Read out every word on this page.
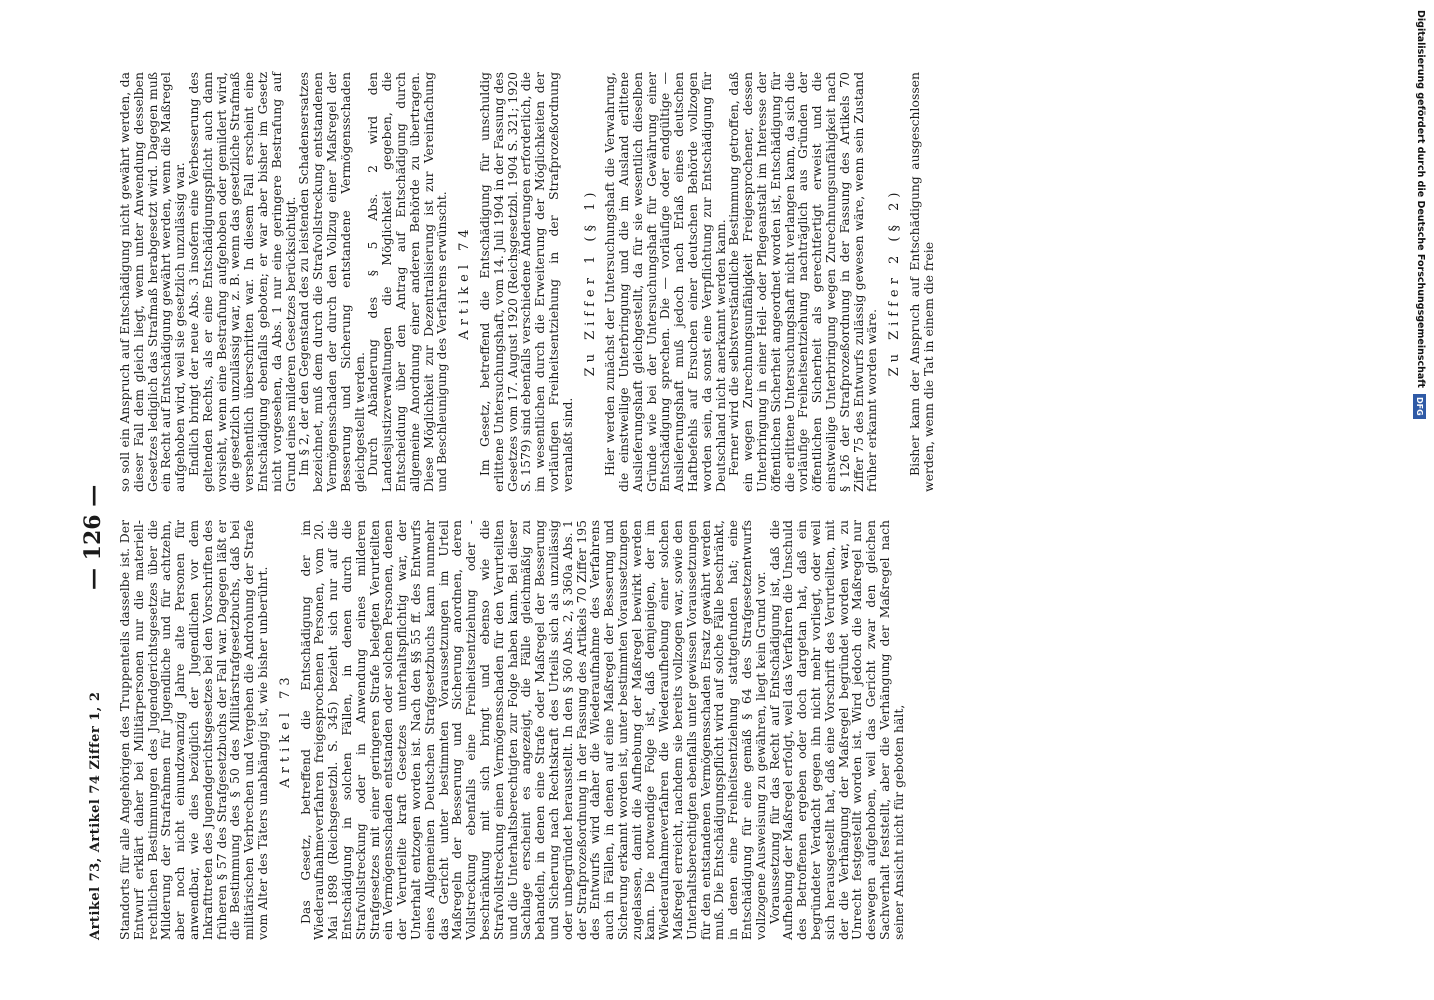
Artikel 73, Artikel 74 Ziffer 1, 2
— 126 — Standorts für alle Angehörigen des Truppenteils dasselbe ist. Der Entwurf erklärt daher bei Militärpersonen nur die materiell-rechtlichen Bestimmungen des Jugendgerichtsgesetzes über die Milderung der Strafrahmen für Jugendliche und für achtzehn, aber noch nicht einundzwanzig Jahre alte Personen für anwendbar, wie dies bezüglich der Jugendlichen vor dem Inkrafttreten des Jugendgerichtsgesetzes bei den Vorschriften des früheren § 57 des Strafgesetzbuchs der Fall war. Dagegen läßt er die Bestimmung des § 50 des Militärstrafgesetzbuchs, daß bei militärischen Verbrechen und Vergehen die Androhung der Strafe vom Alter des Täters unabhängig ist, wie bisher unberührt. Artikel 73 Das Gesetz, betreffend die Entschädigung der im Wiederaufnahmeverfahren freigesprochenen Personen, vom 20. Mai 1898 (Reichsgesetzbl. S. 345) bezieht sich nur auf die Entschädigung in solchen Fällen, in denen durch die Strafvollstreckung oder in Anwendung eines milderen Strafgesetzes mit einer geringeren Strafe belegten Verurteilten ein Vermögensschaden entstanden oder solchen Personen, denen der Verurteilte kraft Gesetzes unterhaltspflichtig war, der Unterhalt entzogen worden ist. Nach den §§ 55 ff. des Entwurfs eines Allgemeinen Deutschen Strafgesetzbuchs kann nunmehr das Gericht unter bestimmten Voraussetzungen im Urteil Maßregeln der Besserung und Sicherung anordnen, deren Vollstreckung ebenfalls eine Freiheitsentziehung oder -beschränkung mit sich bringt und ebenso wie die Strafvollstreckung einen Vermögensschaden für den Verurteilten und die Unterhaltsberechtigten zur Folge haben kann. Bei dieser Sachlage erscheint es angezeigt, die Fälle gleichmäßig zu behandeln, in denen eine Strafe oder Maßregel der Besserung und Sicherung nach Rechtskraft des Urteils sich als unzulässig oder unbegründet herausstellt. In den § 360 Abs. 2, § 360a Abs. 1 der Strafprozeßordnung in der Fassung des Artikels 70 Ziffer 195 des Entwurfs wird daher die Wiederaufnahme des Verfahrens auch in Fällen, in denen auf eine Maßregel der Besserung und Sicherung erkannt worden ist, unter bestimmten Voraussetzungen zugelassen, damit die Aufhebung der Maßregel bewirkt werden kann. Die notwendige Folge ist, daß demjenigen, der im Wiederaufnahmeverfahren die Wiederaufhebung einer solchen Maßregel erreicht, nachdem sie bereits vollzogen war, sowie den Unterhaltsberechtigten ebenfalls unter gewissen Voraussetzungen für den entstandenen Vermögensschaden Ersatz gewährt werden muß. Die Entschädigungspflicht wird auf solche Fälle beschränkt, in denen eine Freiheitsentziehung stattgefunden hat; eine Entschädigung für eine gemäß § 64 des Strafgesetzentwurfs vollzogene Ausweisung zu gewähren, liegt kein Grund vor.

Voraussetzung für das Recht auf Entschädigung ist, daß die Aufhebung der Maßregel erfolgt, weil das Verfahren die Unschuld des Betroffenen ergeben oder doch dargetan hat, daß ein begründeter Verdacht gegen ihn nicht mehr vorliegt, oder weil sich herausgestellt hat, daß eine Vorschrift des Verurteilten, mit der die Verhängung der Maßregel begründet worden war, zu Unrecht festgestellt worden ist. Wird jedoch die Maßregel nur deswegen aufgehoben, weil das Gericht zwar den gleichen Sachverhalt feststellt, aber die Verhängung der Maßregel nach seiner Ansicht nicht für geboten hält,

so soll ein Anspruch auf Entschädigung nicht gewährt werden, da dieser Fall dem gleich liegt, wenn unter Anwendung desselben Gesetzes lediglich das Strafmaß herabgesetzt wird. Dagegen muß ein Recht auf Entschädigung gewährt werden, wenn die Maßregel aufgehoben wird, weil sie gesetzlich unzulässig war.

Endlich bringt der neue Abs. 3 insofern eine Verbesserung des geltenden Rechts, als er eine Entschädigungspflicht auch dann vorsieht, wenn eine Bestrafung aufgehoben oder gemildert wird, die gesetzlich unzulässig war, z. B. wenn das gesetzliche Strafmaß versehentlich überschritten war. In diesem Fall erscheint eine Entschädigung ebenfalls geboten; er war aber bisher im Gesetz nicht vorgesehen, da Abs. 1 nur eine geringere Bestrafung auf Grund eines milderen Gesetzes berücksichtigt.

Im § 2, der den Gegenstand des zu leistenden Schadensersatzes bezeichnet, muß dem durch die Strafvollstreckung entstandenen Vermögensschaden der durch den Vollzug einer Maßregel der Besserung und Sicherung entstandene Vermögensschaden gleichgestellt werden.

Durch Abänderung des § 5 Abs. 2 wird den Landesjustizverwaltungen die Möglichkeit gegeben, die Entscheidung über den Antrag auf Entschädigung durch allgemeine Anordnung einer anderen Behörde zu übertragen. Diese Möglichkeit zur Dezentralisierung ist zur Vereinfachung und Beschleunigung des Verfahrens erwünscht. Artikel 74 Im Gesetz, betreffend die Entschädigung für unschuldig erlittene Untersuchungshaft, vom 14. Juli 1904 in der Fassung des Gesetzes vom 17. August 1920 (Reichsgesetzbl. 1904 S. 321; 1920 S. 1579) sind ebenfalls verschiedene Änderungen erforderlich, die im wesentlichen durch die Erweiterung der Möglichkeiten der vorläufigen Freiheitsentziehung in der Strafprozeßordnung veranlaßt sind.

Zu Ziffer 1 (§ 1) Hier werden zunächst der Untersuchungshaft die Verwahrung, die einstweilige Unterbringung und die im Ausland erlittene Auslieferungshaft gleichgestellt, da für sie wesentlich dieselben Gründe wie bei der Untersuchungshaft für Gewährung einer Entschädigung sprechen. Die — vorläufige oder endgültige — Auslieferungshaft muß jedoch nach Erlaß eines deutschen Haftbefehls auf Ersuchen einer deutschen Behörde vollzogen worden sein, da sonst eine Verpflichtung zur Entschädigung für Deutschland nicht anerkannt werden kann.

Ferner wird die selbstverständliche Bestimmung getroffen, daß ein wegen Zurechnungsunfähigkeit Freigesprochener, dessen Unterbringung in einer Heil- oder Pflegeanstalt im Interesse der öffentlichen Sicherheit angeordnet worden ist, Entschädigung für die erlittene Untersuchungshaft nicht verlangen kann, da sich die vorläufige Freiheitsentziehung nachträglich aus Gründen der öffentlichen Sicherheit als gerechtfertigt erweist und die einstweilige Unterbringung wegen Zurechnungsunfähigkeit nach § 126 der Strafprozeßordnung in der Fassung des Artikels 70 Ziffer 75 des Entwurfs zulässig gewesen wäre, wenn sein Zustand früher erkannt worden wäre.

Zu Ziffer 2 (§ 2) Bisher kann der Anspruch auf Entschädigung ausgeschlossen werden, wenn die Tat in einem die freie	Digitalisierung gefördert durch die Deutsche Forschungsgemeinschaft
DFG
